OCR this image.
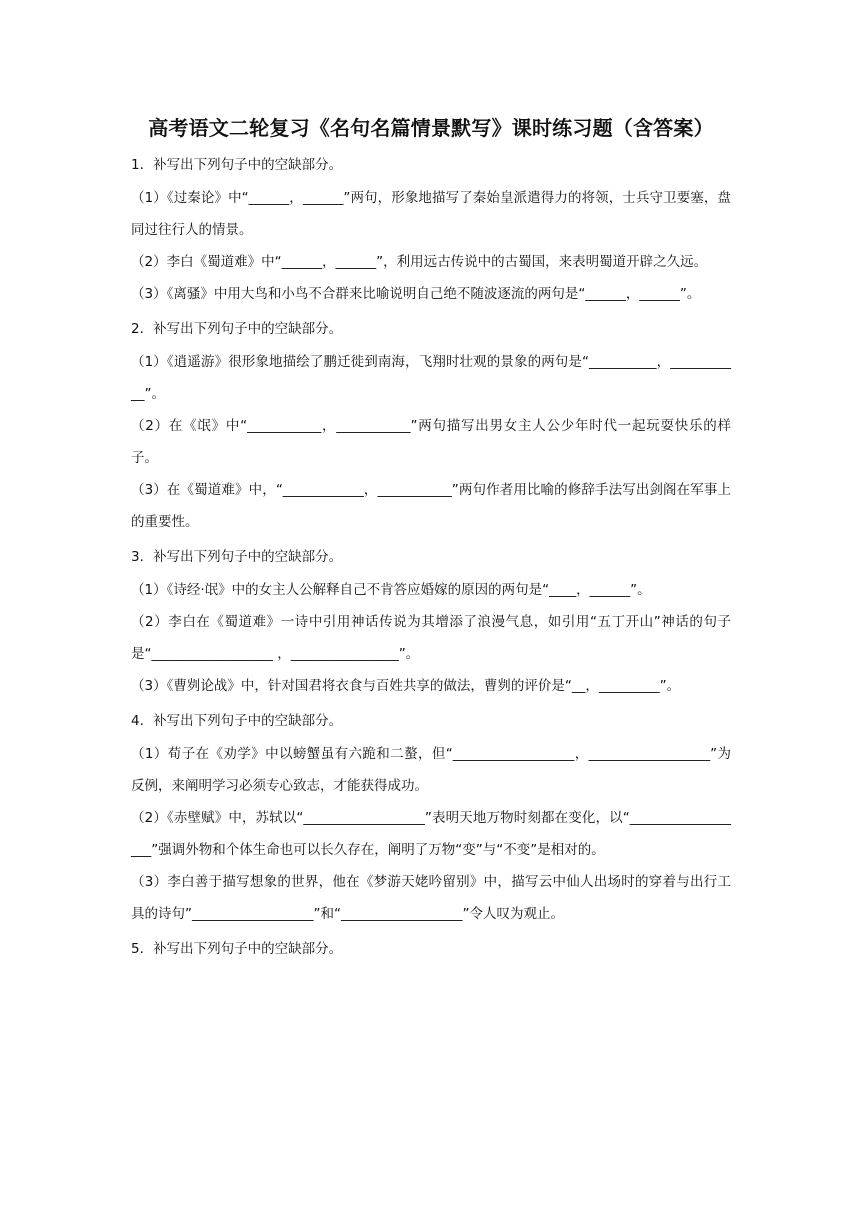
高考语文二轮复习《名句名篇情景默写》课时练习题（含答案）
1．补写出下列句子中的空缺部分。
（1）《过秦论》中“______，______”两句，形象地描写了秦始皇派遣得力的将领，士兵守卫要塞，盘同过往行人的情景。
（2）李白《蜀道难》中“______，______”，利用远古传说中的古蜀国，来表明蜀道开辟之久远。
（3）《离骚》中用大鸟和小鸟不合群来比喻说明自己绝不随波逐流的两句是“______，______”。
2．补写出下列句子中的空缺部分。
（1）《逍遥游》很形象地描绘了鹏迁徙到南海，飞翔时壮观的景象的两句是“__________，___________”。
（2）在《氓》中“___________，___________”两句描写出男女主人公少年时代一起玩耍快乐的样子。
（3）在《蜀道难》中，“____________，___________”两句作者用比喻的修辞手法写出剑阁在军事上的重要性。
3．补写出下列句子中的空缺部分。
（1）《诗经·氓》中的女主人公解释自己不肯答应婚嫁的原因的两句是“____，______”。
（2）李白在《蜀道难》一诗中引用神话传说为其增添了浪漫气息，如引用“五丁开山”神话的句子是“__________________ ，________________”。
（3）《曹刿论战》中，针对国君将衣食与百姓共享的做法，曹刿的评价是“__，_________”。
4．补写出下列句子中的空缺部分。
（1）荀子在《劝学》中以螃蟹虽有六跪和二螯，但“__________________，__________________”为反例，来阐明学习必须专心致志，才能获得成功。
（2）《赤壁赋》中，苏轼以“__________________”表明天地万物时刻都在变化，以“__________________”强调外物和个体生命也可以长久存在，阐明了万物“变”与“不变”是相对的。
（3）李白善于描写想象的世界，他在《梦游天姥吟留别》中，描写云中仙人出场时的穿着与出行工具的诗句”__________________”和“__________________”令人叹为观止。
5．补写出下列句子中的空缺部分。
